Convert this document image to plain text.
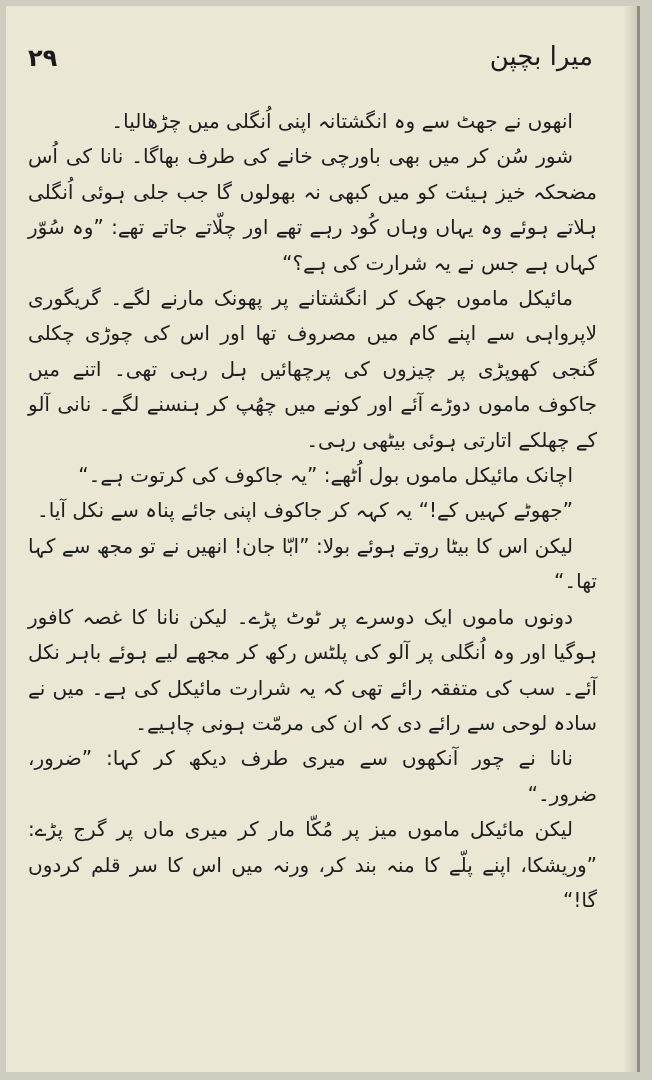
میرا بچپن
۲۹

انھوں نے جھٹ سے وہ انگشتانہ اپنی اُنگلی میں چڑھالیا۔

شور سُن کر میں بھی باورچی خانے کی طرف بھاگا۔ نانا کی اُس مضحکہ خیز ہیئت کو میں کبھی نہ بھولوں گا جب جلی ہوئی اُنگلی ہلاتے ہوئے وہ یہاں وہاں کُود رہے تھے اور چلّاتے جاتے تھے: ”وہ سُوّر کہاں ہے جس نے یہ شرارت کی ہے؟“

مائیکل ماموں جھک کر انگشتانے پر پھونک مارنے لگے۔ گریگوری لاپرواہی سے اپنے کام میں مصروف تھا اور اس کی چوڑی چکلی گنجی کھوپڑی پر چیزوں کی پرچھائیں ہل رہی تھی۔ اتنے میں جاکوف ماموں دوڑے آئے اور کونے میں چھُپ کر ہنسنے لگے۔ نانی آلو کے چھلکے اتارتی ہوئی بیٹھی رہی۔

اچانک مائیکل ماموں بول اُٹھے: ”یہ جاکوف کی کرتوت ہے۔“

”جھوٹے کہیں کے!“ یہ کہہ کر جاکوف اپنی جائے پناہ سے نکل آیا۔

لیکن اس کا بیٹا روتے ہوئے بولا: ”ابّا جان! انھیں نے تو مجھ سے کہا تھا۔“

دونوں ماموں ایک دوسرے پر ٹوٹ پڑے۔ لیکن نانا کا غصہ کافور ہوگیا اور وہ اُنگلی پر آلو کی پلٹس رکھ کر مجھے لیے ہوئے باہر نکل آئے۔ سب کی متفقہ رائے تھی کہ یہ شرارت مائیکل کی ہے۔ میں نے سادہ لوحی سے رائے دی کہ ان کی مرمّت ہونی چاہیے۔

نانا نے چور آنکھوں سے میری طرف دیکھ کر کہا: ”ضرور، ضرور۔“

لیکن مائیکل ماموں میز پر مُکّا مار کر میری ماں پر گرج پڑے: ”وریشکا، اپنے پلّے کا منہ بند کر، ورنہ میں اس کا سر قلم کردوں گا!“
